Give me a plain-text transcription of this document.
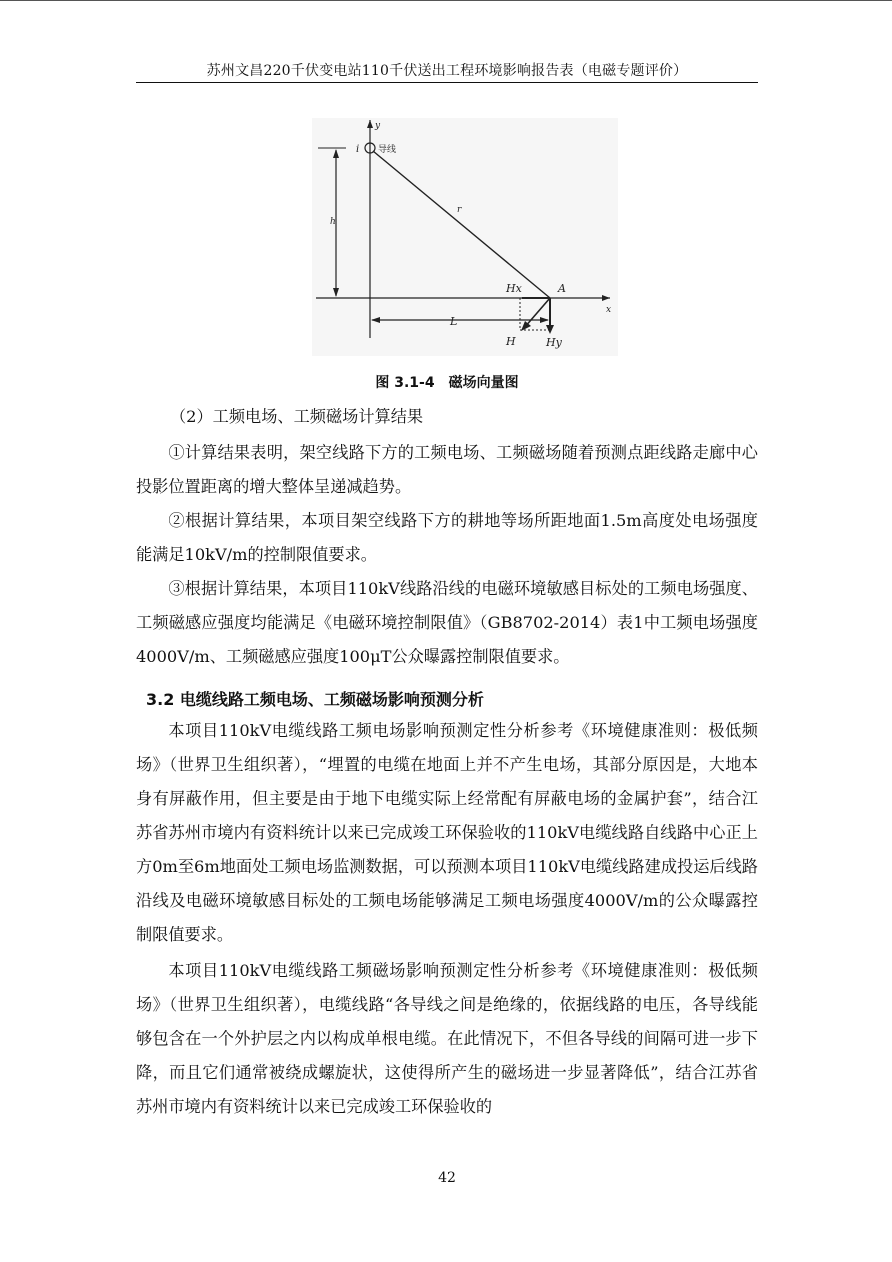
苏州文昌220千伏变电站110千伏送出工程环境影响报告表（电磁专题评价）
y
x
i 导线
h
r
A
Hx
L
H	Hy
图 3.1-4　磁场向量图
（2）工频电场、工频磁场计算结果

①计算结果表明，架空线路下方的工频电场、工频磁场随着预测点距线路走廊中心投影位置距离的增大整体呈递减趋势。

②根据计算结果，本项目架空线路下方的耕地等场所距地面1.5m高度处电场强度能满足10kV/m的控制限值要求。

③根据计算结果，本项目110kV线路沿线的电磁环境敏感目标处的工频电场强度、工频磁感应强度均能满足《电磁环境控制限值》（GB8702-2014）表1中工频电场强度4000V/m、工频磁感应强度100μT公众曝露控制限值要求。

3.2 电缆线路工频电场、工频磁场影响预测分析

本项目110kV电缆线路工频电场影响预测定性分析参考《环境健康准则：极低频场》（世界卫生组织著），“埋置的电缆在地面上并不产生电场，其部分原因是，大地本身有屏蔽作用，但主要是由于地下电缆实际上经常配有屏蔽电场的金属护套”，结合江苏省苏州市境内有资料统计以来已完成竣工环保验收的110kV电缆线路自线路中心正上方0m至6m地面处工频电场监测数据，可以预测本项目110kV电缆线路建成投运后线路沿线及电磁环境敏感目标处的工频电场能够满足工频电场强度4000V/m的公众曝露控制限值要求。

本项目110kV电缆线路工频磁场影响预测定性分析参考《环境健康准则：极低频场》（世界卫生组织著），电缆线路“各导线之间是绝缘的，依据线路的电压，各导线能够包含在一个外护层之内以构成单根电缆。在此情况下，不但各导线的间隔可进一步下降，而且它们通常被绕成螺旋状，这使得所产生的磁场进一步显著降低”，结合江苏省苏州市境内有资料统计以来已完成竣工环保验收的

42
